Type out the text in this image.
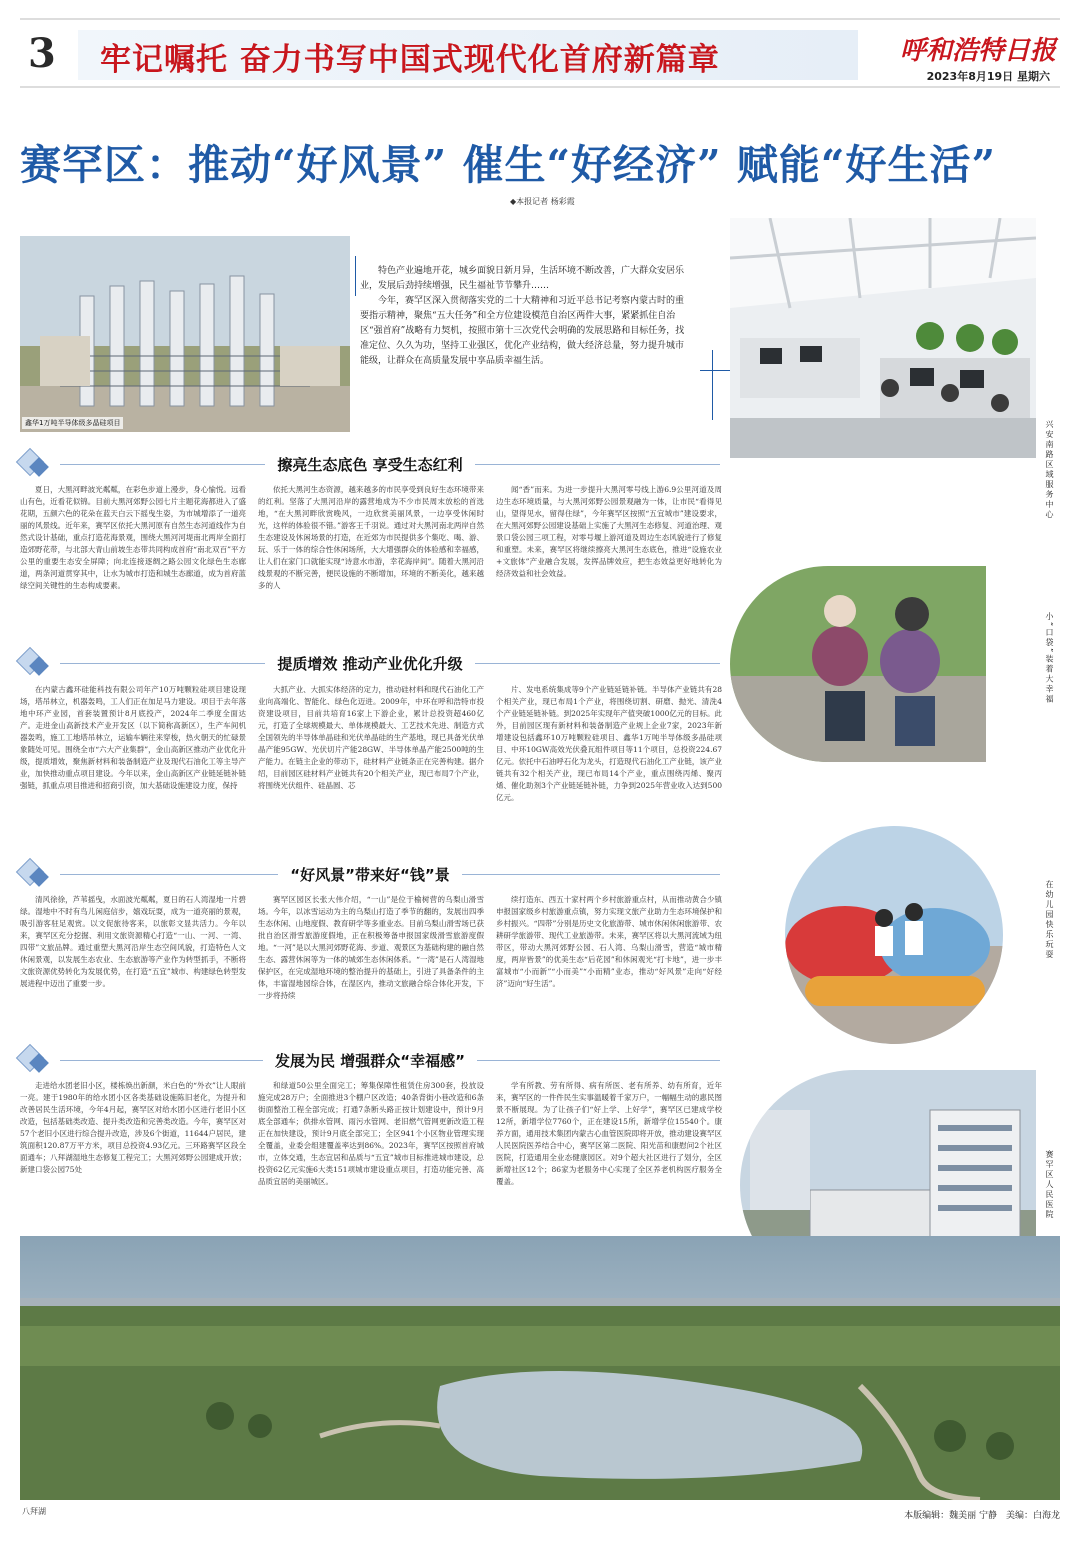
3	牢记嘱托 奋力书写中国式现代化首府新篇章	呼和浩特日报
2023年8月19日 星期六
赛罕区：推动“好风景” 催生“好经济” 赋能“好生活”
◆本报记者 杨彩霞
鑫华1万吨半导体级多晶硅项目

特色产业遍地开花，城乡面貌日新月异，生活环境不断改善，广大群众安居乐业，发展后劲持续增强，民生福祉节节攀升……

今年，赛罕区深入贯彻落实党的二十大精神和习近平总书记考察内蒙古时的重要指示精神，聚焦“五大任务”和全方位建设模范自治区两件大事，紧紧抓住自治区“强首府”战略有力契机，按照市第十三次党代会明确的发展思路和目标任务，找准定位、久久为功，坚持工业强区，优化产业结构，做大经济总量，努力提升城市能级，让群众在高质量发展中享品质幸福生活。

兴安南路区域服务中心
擦亮生态底色 享受生态红利
夏日，大黑河畔波光粼粼，在彩色步道上漫步，身心愉悦。远看山有色，近看花似锦。目前大黑河郊野公园七片主题花海都进入了盛花期，五颜六色的花朵在蓝天白云下摇曳生姿，为市城增添了一道亮丽的风景线。近年来，赛罕区依托大黑河原有自然生态河道线作为自然式设计基础，重点打造花海景观，围绕大黑河河堤南北两岸全面打造郊野花带，与北部大青山前坡生态带共同构成首府“南北双百”平方公里的重要生态安全屏障；向北连接逐绸之路公园文化绿色生态廊道，两条河道贯穿其中，让水为城市打造和城生态廊道，成为首府蓝绿空间关键性的生态构成要素。
依托大黑河生态资源，越来越多的市民享受到良好生态环境带来的红利。坚落了大黑河沿岸的露营地成为不少市民周末放松的首选地，“在大黑河畔欣赏晚风，一边欣赏美丽风景，一边享受休闲时光，这样的体验很不错。”游客王千羽说。通过对大黑河南北两岸自然生态建设及休闲场景的打造，在近郊为市民提供多个集吃、喝、游、玩、乐于一体的综合性休闲场所，大大增强群众的体验感和幸福感，让人们在家门口就能实现“诗意水市游，幸花海岸间”。随着大黑河沿线景观的不断完善，便民设施的不断增加，环境的不断美化，越来越多的人
闻“香”而来。为进一步提升大黑河零号线上游6.9公里河道及周边生态环境质量，与大黑河郊野公园景观融为一体，让市民“看得见山，望得见水，留得住绿”，今年赛罕区按照“五宜城市”建设要求，在大黑河郊野公园建设基础上实施了大黑河生态修复、河道治理、观景口袋公园三项工程，对零号堰上游河道及周边生态风貌进行了修复和重塑。未来，赛罕区将继续擦亮大黑河生态底色，推进“设施农业+文旅体”产业融合发展，发挥品牌效应，把生态效益更好地转化为经济效益和社会效益。
小“口袋”装着大幸福
提质增效 推动产业优化升级
在内蒙古鑫环硅能科技有限公司年产10万吨颗粒硅项目建设现场，塔吊林立，机器轰鸣，工人们正在加足马力建设。项目于去年落地中环产业园，首套装置预计8月底投产，2024年二季度全面达产。走进金山高新技术产业开发区（以下简称高新区），生产车间机器轰鸣，施工工地塔吊林立，运输车辆往来穿梭，热火朝天的忙碌景象随处可见。围绕全市“六大产业集群”，金山高新区推动产业优化升级，提质增效，聚焦新材料和装备制造产业及现代石油化工等主导产业，加快推动重点项目建设。今年以来，金山高新区产业链延链补链强链，抓重点项目推进和招商引资，加大基础设施建设力度，保持
大抓产业、大抓实体经济的定力，推动硅材料和现代石油化工产业向高端化、智能化、绿色化迈进。2009年，中环在呼和浩特市投资建设项目，目前共培育16家上下游企业，累计总投资超460亿元，打造了全球规模最大、单体规模最大、工艺技术先进、制造方式全国领先的半导体单晶硅和光伏单晶硅的生产基地，现已具备光伏单晶产能95GW、光伏切片产能28GW、半导体单晶产能2500吨的生产能力。在链主企业的带动下，硅材料产业链条正在完善构建。据介绍，目前园区硅材料产业链共有20个相关产业，现已布局7个产业，将围绕光伏组件、硅晶圆、芯
片、发电系统集成等9个产业链延链补链。半导体产业链共有28个相关产业，现已布局1个产业，将围绕切割、研磨、抛光、清洗4个产业链延链补链。到2025年实现年产值突破1000亿元的目标。此外，目前园区现有新材料和装备制造产业规上企业7家，2023年新增建设包括鑫环10万吨颗粒硅项目、鑫华1万吨半导体级多晶硅项目、中环10GW高效光伏叠瓦组件项目等11个项目，总投资224.67亿元。依托中石油呼石化为龙头，打造现代石油化工产业链，该产业链共有32个相关产业，现已布局14个产业，重点围绕丙烯、聚丙烯、催化助剂3个产业链延链补链，力争到2025年营业收入达到500亿元。
在幼儿园快乐玩耍
“好风景”带来好“钱”景
清风徐徐，芦苇摇曳，水面波光粼粼，夏日的石人湾湿地一片碧绿。湿地中不时有鸟儿闲庭信步，嬉戏玩耍，成为一道亮丽的景观，吸引游客驻足观赏。以文促旅待客来，以旅彰文显共活力。今年以来，赛罕区充分挖掘、利用文旅资源精心打造“一山、一河、一湾、四带”文旅品牌。通过重塑大黑河沿岸生态空间风貌，打造特色人文休闲景观，以发展生态农业、生态旅游等产业作为转型抓手，不断将文旅资源优势转化为发展优势，在打造“五宜”城市、构建绿色转型发展进程中迈出了重要一步。
赛罕区园区长张大伟介绍，“一山”是位于榆树营的乌梨山滑雪场。今年，以冰雪运动为主的乌梨山打造了季节的翻的，发展出四季生态休闲、山地度假、教育研学等多重业态。目前乌梨山滑雪场已获批自治区滑雪旅游度假地，正在积极筹备申报国家级滑雪旅游度假地。“一河”是以大黑河郊野花海、步道、观景区为基础构建的融自然生态、露营休闲等为一体的城郊生态休闲体系。“一湾”是石人湾湿地保护区，在完成湿地环境的整治提升的基础上，引进了具备条件的主体，丰富湿地园综合体，在湿区内，推动文旅融合综合体化开发，下一步将持续
续打造东、西五十家村两个乡村旅游重点村，从而推动黄合少镇申报国家级乡村旅游重点镇，努力实现文旅产业助力生态环境保护和乡村振兴。“四带”分别是历史文化旅游带、城市休闲休闲旅游带、农耕研学旅游带、现代工业旅游带。未来，赛罕区将以大黑河流域为纽带区，带动大黑河郊野公园、石人湾、乌梨山滑雪，营造“城市精度，两岸皆景”的优美生态“后花园”和休闲观光“打卡地”，进一步丰富城市“小而新”“小而美”“小而精”业态，推动“好风景”走向“好经济”迈向“好生活”。
赛罕区人民医院
发展为民 增强群众“幸福感”
走进给水团老旧小区，楼栋焕出新颜，米白色的“外衣”让人眼前一亮。建于1980年的给水团小区各类基础设施陈旧老化，为提升和改善居民生活环境，今年4月起，赛罕区对给水团小区进行老旧小区改造，包括基础类改造、提升类改造和完善类改造。今年，赛罕区对57个老旧小区进行综合提升改造，涉及6个街道，11644户居民，建筑面积120.87万平方米，项目总投资4.93亿元。三环路赛罕区段全面通车；八拜湖湿地生态修复工程完工；大黑河郊野公园建成开放；新建口袋公园75处
和绿道50公里全面完工；筹集保障性租赁住房300套，投放设施完成28万户；全面推进3个棚户区改造；40条背街小巷改造和6条街面整治工程全部完成；打通7条断头路正按计划建设中，预计9月底全部通车；供排水管网、雨污水管网、老旧燃气管网更新改造工程正在加快建设，预计9月底全部完工；全区941个小区物业管理实现全覆盖，业委会组建覆盖率达到86%。2023年，赛罕区按照首府城市，立体交通，生态宜居和品质与“五宜”城市目标推进城市建设，总投资62亿元实施6大类151项城市建设重点项目，打造功能完善、高品质宜居的美丽城区。
学有所教、劳有所得、病有所医、老有所养、幼有所育，近年来，赛罕区的一件件民生实事温暖着千家万户，一幅幅生动的惠民图景不断展现。为了让孩子们“好上学、上好学”，赛罕区已建成学校12所，新增学位7760个，正在建设15所，新增学位15540个。康养方面，通用技术集团内蒙古心血管医院即将开放，推动建设赛罕区人民医院医养结合中心，赛罕区第二医院、阳光苗和康慰问2个社区医院，打造通用全业态健康园区。对9个超大社区进行了划分，全区新增社区12个；86家为老服务中心实现了全区养老机构医疗服务全覆盖。
八拜湖	本版编辑：魏美丽 宁静　美编：白海龙
